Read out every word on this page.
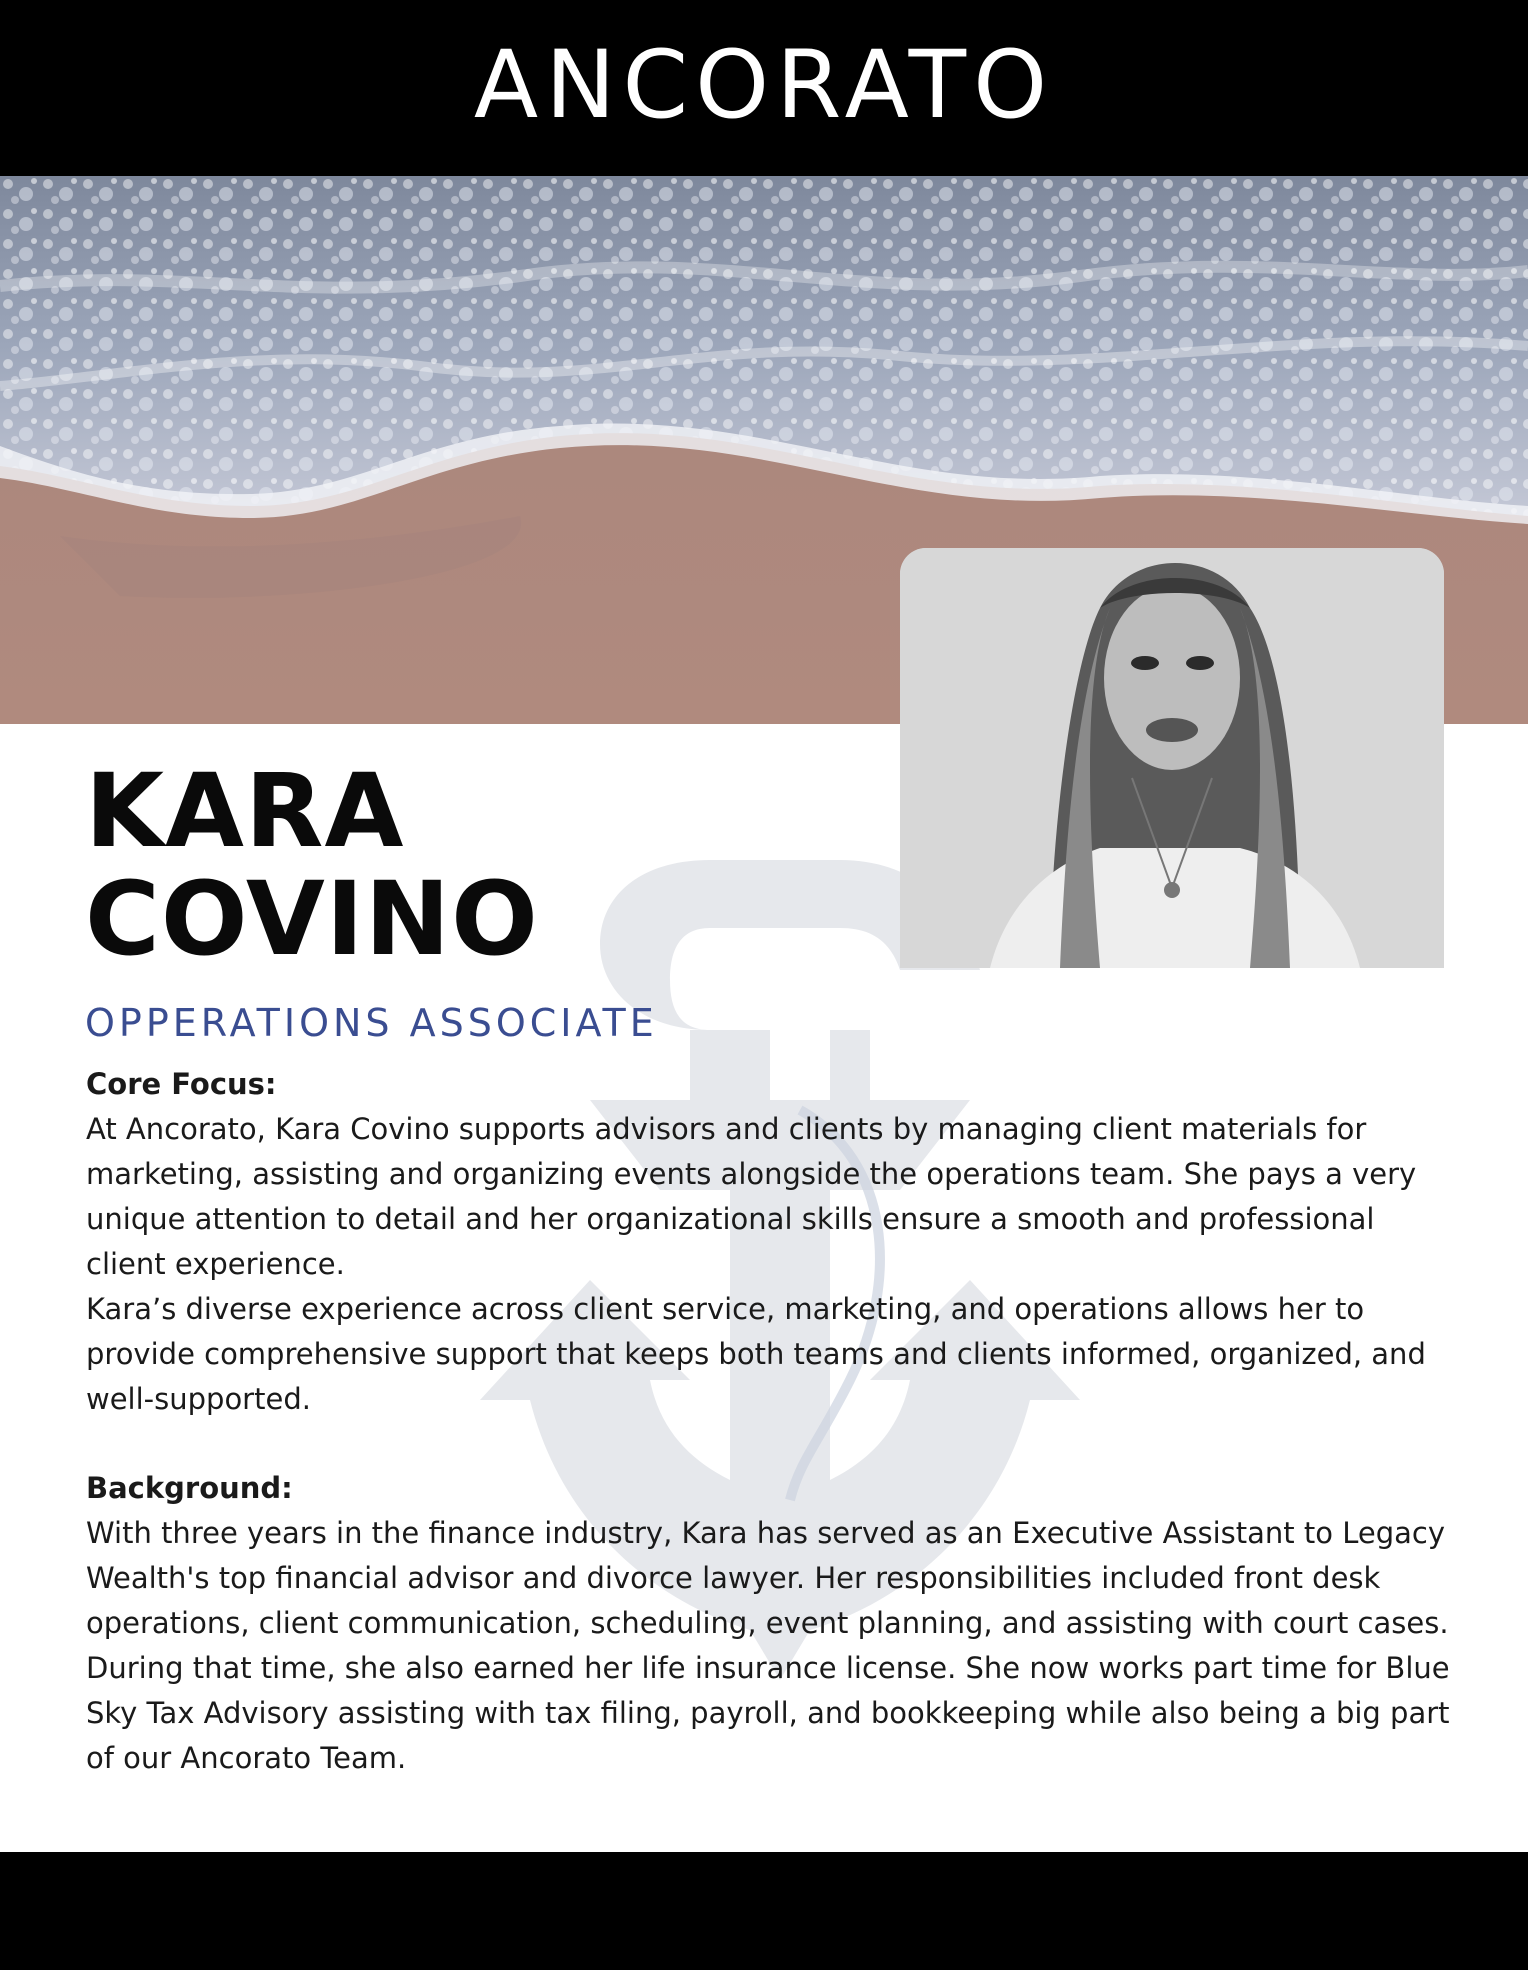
ANCORATO
KARA
COVINO
OPPERATIONS ASSOCIATE
Core Focus:

At Ancorato, Kara Covino supports advisors and clients by managing client materials for marketing, assisting and organizing events alongside the operations team. She pays a very unique attention to detail and her organizational skills ensure a smooth and professional client experience.

Kara’s diverse experience across client service, marketing, and operations allows her to provide comprehensive support that keeps both teams and clients informed, organized, and well-supported.

Background:

With three years in the finance industry, Kara has served as an Executive Assistant to Legacy Wealth's top financial advisor and divorce lawyer. Her responsibilities included front desk operations, client communication, scheduling, event planning, and assisting with court cases. During that time, she also earned her life insurance license. She now works part time for Blue Sky Tax Advisory assisting with tax filing, payroll, and bookkeeping while also being a big part of our Ancorato Team.
